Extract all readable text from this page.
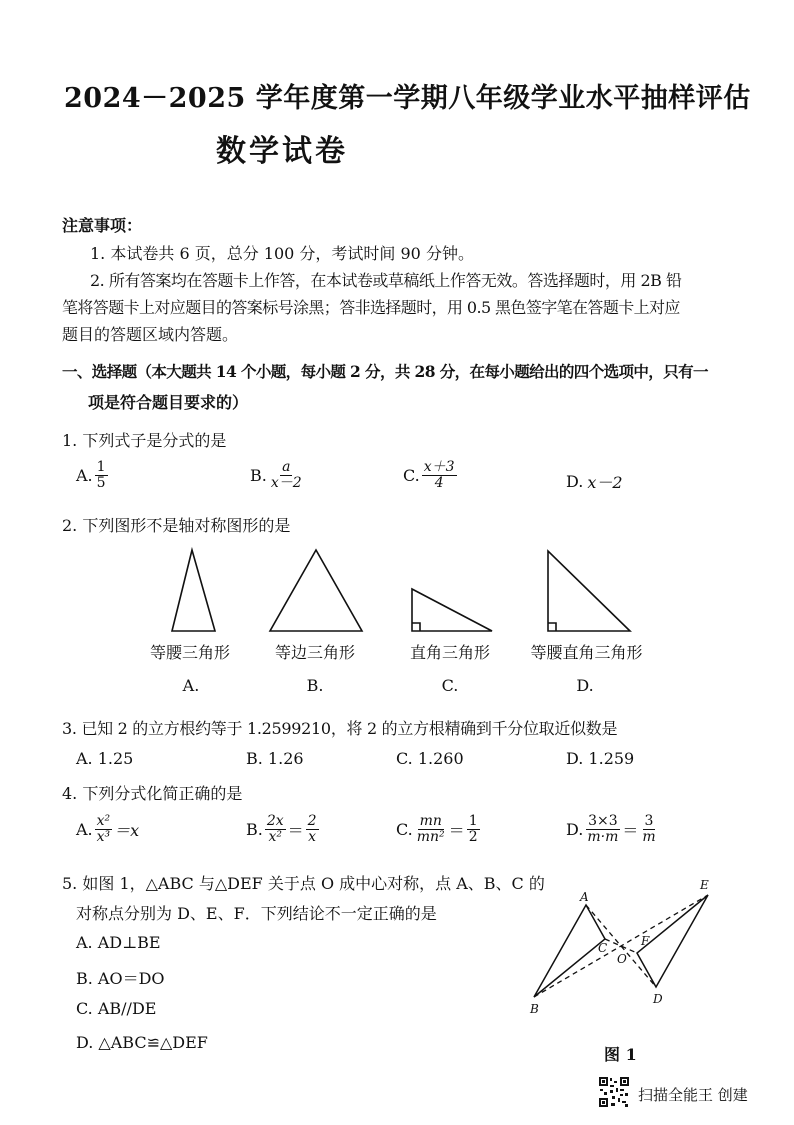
2024－2025 学年度第一学期八年级学业水平抽样评估
数学试卷
注意事项：
1. 本试卷共 6 页，总分 100 分，考试时间 90 分钟。
2. 所有答案均在答题卡上作答，在本试卷或草稿纸上作答无效。答选择题时，用 2B 铅
笔将答题卡上对应题目的答案标号涂黑；答非选择题时，用 0.5 黑色签字笔在答题卡上对应
题目的答题区域内答题。
一、选择题（本大题共 14 个小题，每小题 2 分，共 28 分，在每小题给出的四个选项中，只有一
项是符合题目要求的）
1. 下列式子是分式的是
A. $\frac{1}{5}$	B. $\frac{a}{x-2}$	C. $\frac{x+3}{4}$	D. x－2
2. 下列图形不是轴对称图形的是
等腰三角形	等边三角形	直角三角形	等腰直角三角形
A.	B.	C.	D.
3. 已知 2 的立方根约等于 1.2599210，将 2 的立方根精确到千分位取近似数是
A. 1.25	B. 1.26	C. 1.260	D. 1.259
4. 下列分式化简正确的是
A. $\frac{\text{x²}}{\text{x³}} =x$	B. $\frac{2x}{\text{x²}} = \frac{2}{x}$	C. $\frac{mn}{\text{mn²}} = \frac{1}{2}$	D. $\frac{3\times 3}{m\cdot m} = \frac{3}{m}$
5. 如图 1，△ABC 与△DEF 关于点 O 成中心对称，点 A、B、C 的
对称点分别为 D、E、F．下列结论不一定正确的是
A. AD⊥BE
B. AO＝DO
C. AB//DE
D. △ABC≌△DEF
A
B
C
D
E
F
O
图 1
扫描全能王 创建
